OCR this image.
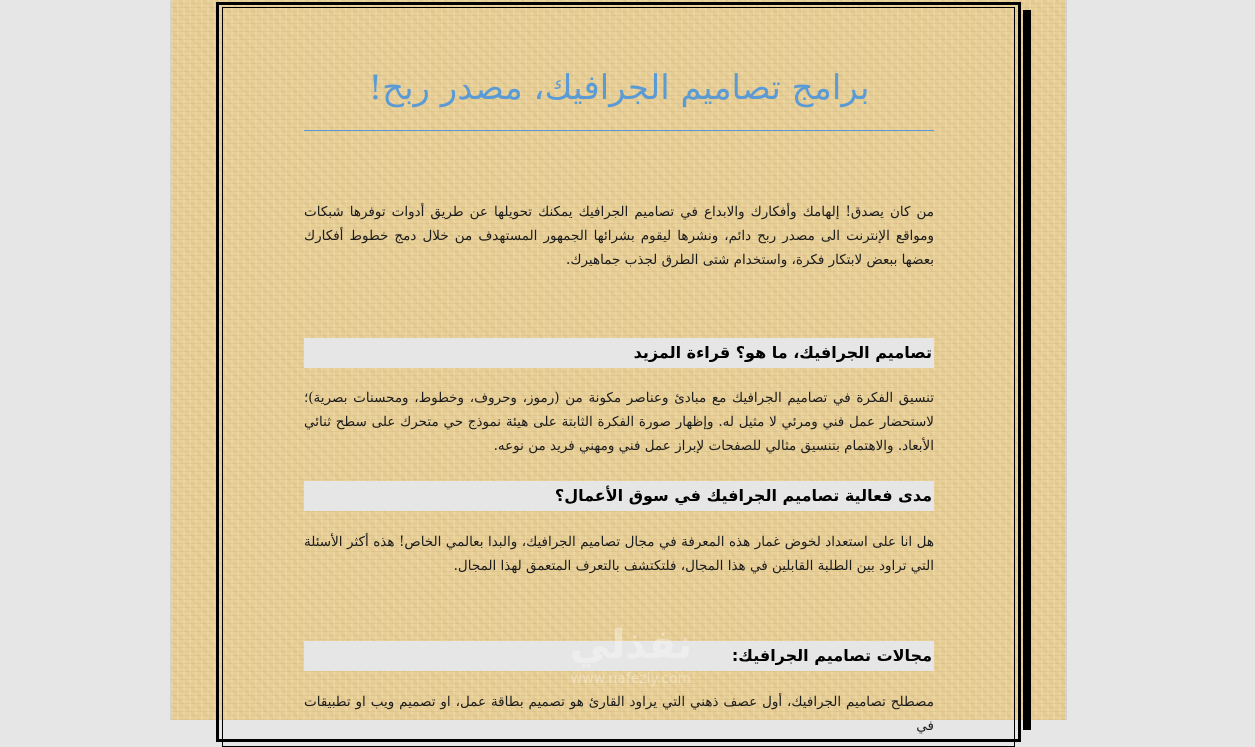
برامج تصاميم الجرافيك، مصدر ربح!

من كان يصدق! إلهامك وأفكارك والابداع في تصاميم الجرافيك يمكنك تحويلها عن طريق أدوات توفرها شبكات ومواقع الإنترنت الى مصدر ربح دائم، ونشرها ليقوم بشرائها الجمهور المستهدف من خلال دمج خطوط أفكارك بعضها ببعض لابتكار فكرة، واستخدام شتى الطرق لجذب جماهيرك.

تصاميم الجرافيك، ما هو؟ قراءة المزيد

تنسيق الفكرة في تصاميم الجرافيك مع مبادئ وعناصر مكونة من (رموز، وحروف، وخطوط، ومحسنات بصرية)؛ لاستحضار عمل فني ومرئي لا مثيل له. وإظهار صورة الفكرة الثابتة على هيئة نموذج حي متحرك على سطح ثنائي الأبعاد. والاهتمام بتنسيق مثالي للصفحات لإبراز عمل فني ومهني فريد من نوعه.

مدى فعالية تصاميم الجرافيك في سوق الأعمال؟

هل انا على استعداد لخوض غمار هذه المعرفة في مجال تصاميم الجرافيك، والبدا بعالمي الخاص! هذه أكثر الأسئلة التي تراود بين الطلبة القابلين في هذا المجال، فلتكتشف بالتعرف المتعمق لهذا المجال.

مجالات تصاميم الجرافيك:

مصطلح تصاميم الجرافيك، أول عصف ذهني التي يراود القارئ هو تصميم بطاقة عمل، او تصميم ويب او تطبيقات في

نفذلي
www.nafezly.com
